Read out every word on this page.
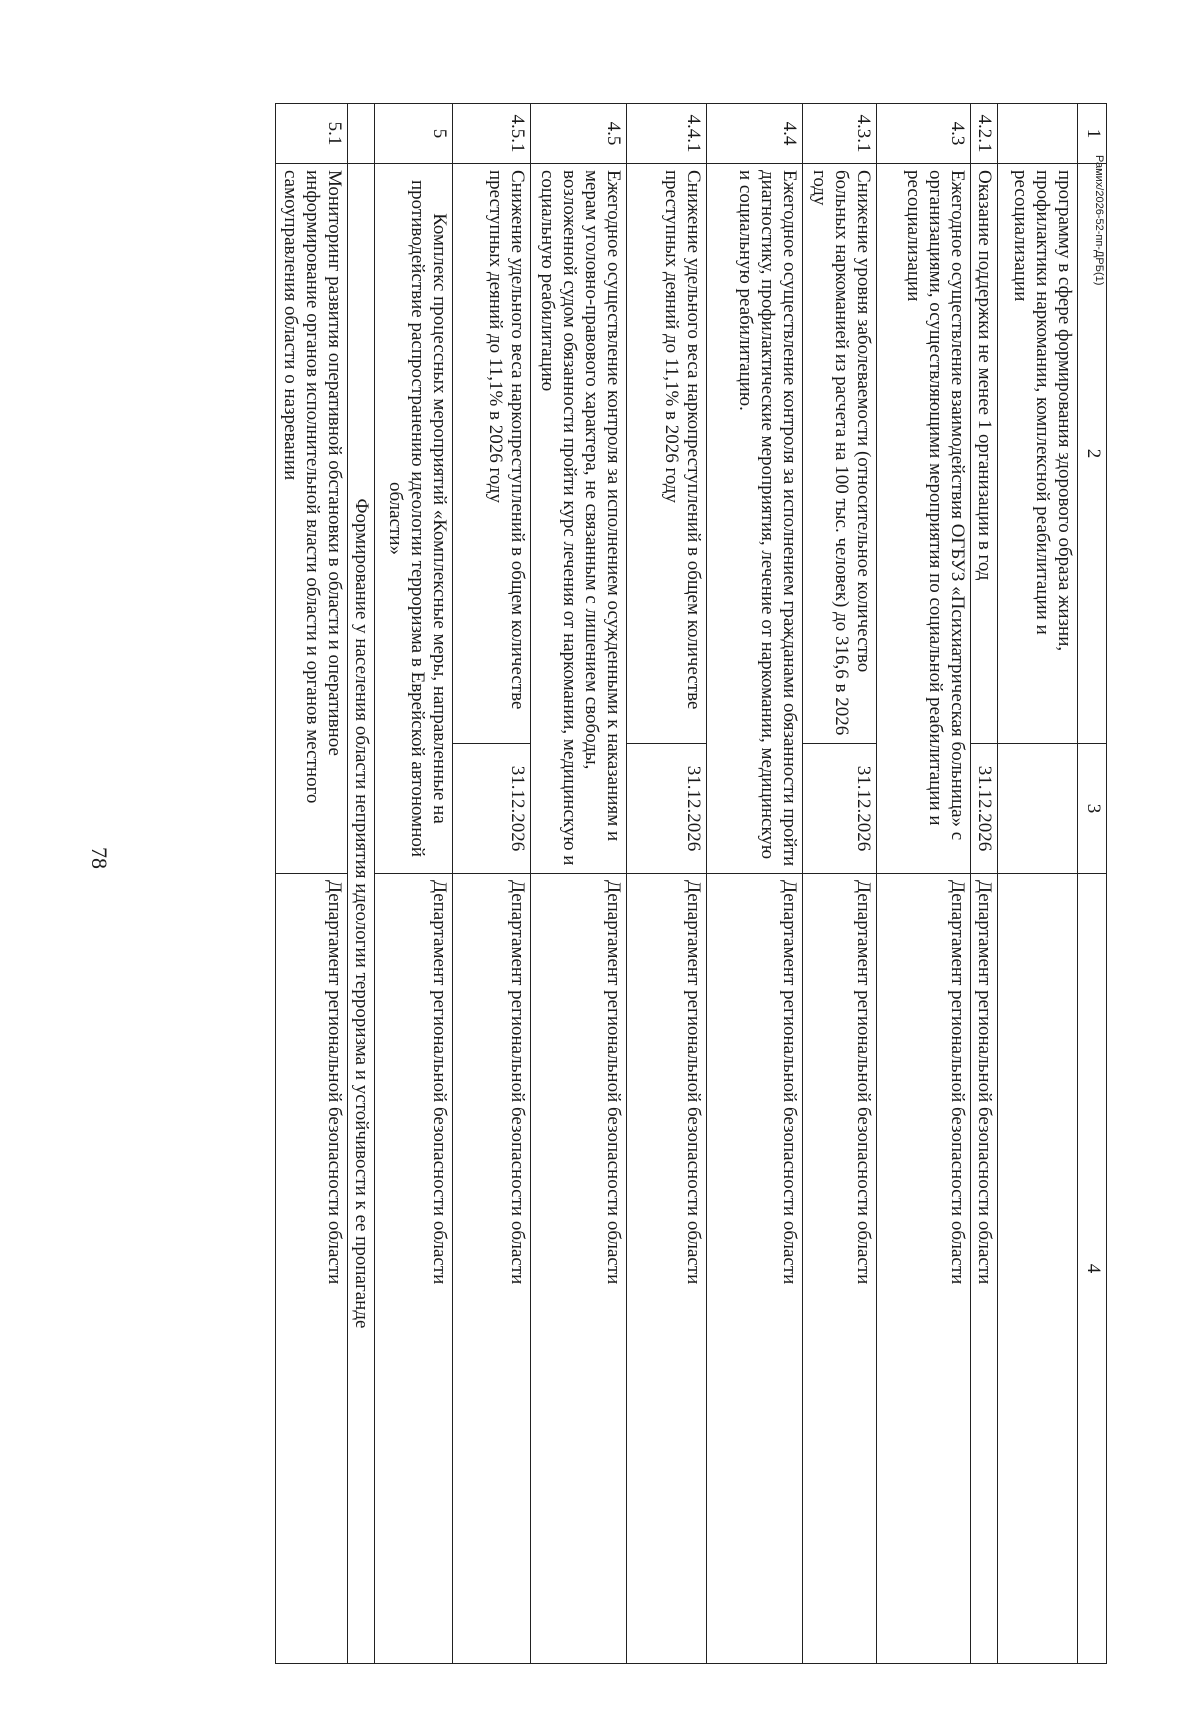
78
Рамих/2026-52-пп-ДРБ(1)
1	2	3	4
	программу в сфере формирования здорового образа жизни, профилактики наркомании, комплексной реабилитации и ресоциализации		
4.2.1	Оказание поддержки не менее 1 организации в год	31.12.2026	Департамент региональной безопасности области
4.3	Ежегодное осуществление взаимодействия ОГБУЗ «Психиатрическая больница» с организациями, осуществляющими мероприятия по социальной реабилитации и ресоциализации		Департамент региональной безопасности области
4.3.1	Снижение уровня заболеваемости (относительное количество больных наркоманией из расчета на 100 тыс. человек) до 316,6 в 2026 году	31.12.2026	Департамент региональной безопасности области
4.4	Ежегодное осуществление контроля за исполнением гражданами обязанности пройти диагностику, профилактические мероприятия, лечение от наркомании, медицинскую и социальную реабилитацию.		Департамент региональной безопасности области
4.4.1	Снижение удельного веса наркопреступлений в общем количестве преступных деяний до 11,1% в 2026 году	31.12.2026	Департамент региональной безопасности области
4.5	Ежегодное осуществление контроля за исполнением осужденными к наказаниям и мерам уголовно-правового характера, не связанным с лишением свободы, возложенной судом обязанности пройти курс лечения от наркомании, медицинскую и социальную реабилитацию		Департамент региональной безопасности области
4.5.1	Снижение удельного веса наркопреступлений в общем количестве преступных деяний до 11,1% в 2026 году	31.12.2026	Департамент региональной безопасности области
5	Комплекс процессных мероприятий «Комплексные меры, направленные на противодействие распространению идеологии терроризма в Еврейской автономной области»		Департамент региональной безопасности области
	Формирование у населения области неприятия идеологии терроризма и устойчивости к ее пропаганде		
5.1	Мониторинг развития оперативной обстановки в области и оперативное информирование органов исполнительной власти области и органов местного самоуправления области о назревании		Департамент региональной безопасности области
